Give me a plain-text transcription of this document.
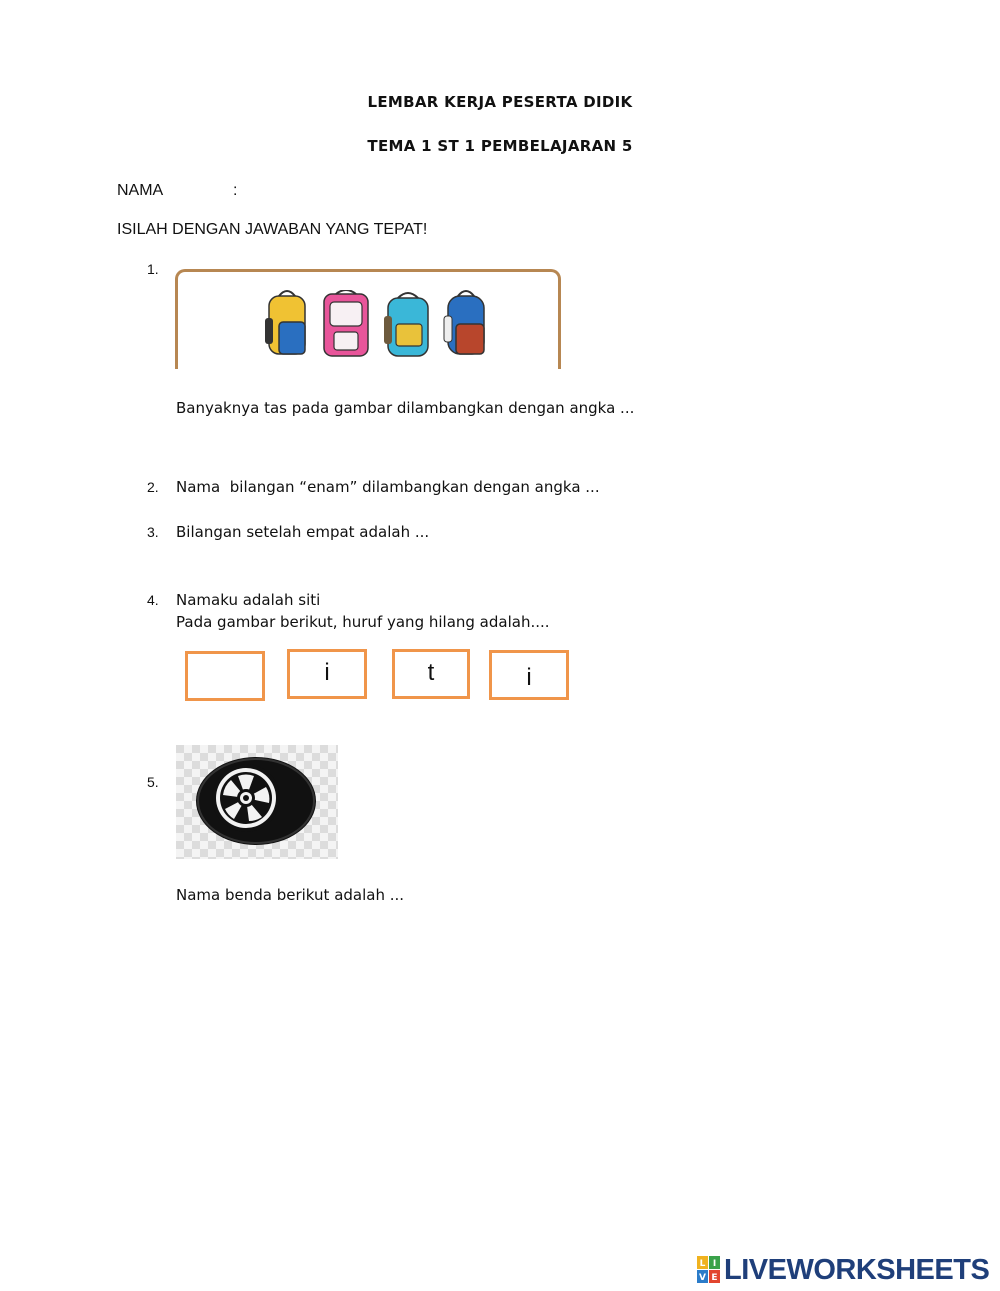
LEMBAR KERJA PESERTA DIDIK
TEMA 1 ST 1 PEMBELAJARAN 5
NAMA	:
ISILAH DENGAN JAWABAN YANG TEPAT!
1.
Banyaknya tas pada gambar dilambangkan dengan angka ...
2. Nama  bilangan “enam” dilambangkan dengan angka ...
3. Bilangan setelah empat adalah ...
4. Namaku adalah siti
Pada gambar berikut, huruf yang hilang adalah....
i	t	i
5.
Nama benda berikut adalah ...
L I
V E LIVEWORKSHEETS
